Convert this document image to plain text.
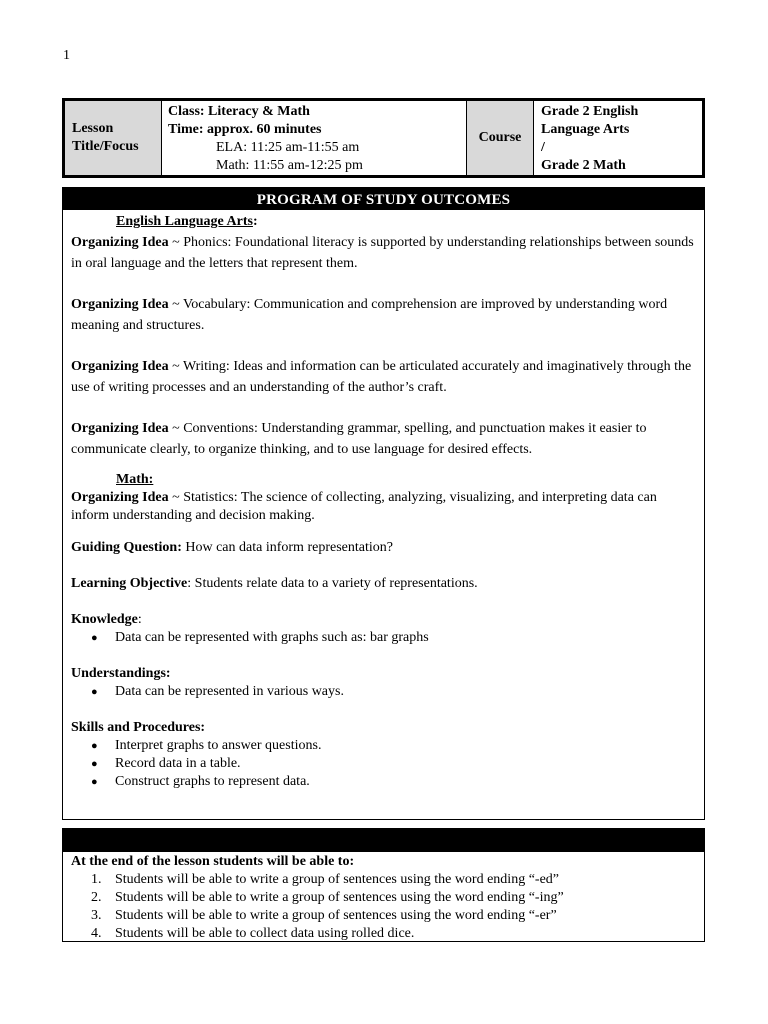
1
Lesson Title/Focus
Class: Literacy & Math
Time: approx. 60 minutes
ELA: 11:25 am-11:55 am
Math: 11:55 am-12:25 pm
Course
Grade 2 English
Language Arts
/
Grade 2 Math
PROGRAM OF STUDY OUTCOMES
English Language Arts:

Organizing Idea ~ Phonics: Foundational literacy is supported by understanding relationships between sounds in oral language and the letters that represent them.

Organizing Idea ~ Vocabulary: Communication and comprehension are improved by understanding word meaning and structures.

Organizing Idea ~ Writing: Ideas and information can be articulated accurately and imaginatively through the use of writing processes and an understanding of the author’s craft.

Organizing Idea ~ Conventions: Understanding grammar, spelling, and punctuation makes it easier to communicate clearly, to organize thinking, and to use language for desired effects.

Math:

Organizing Idea ~ Statistics: The science of collecting, analyzing, visualizing, and interpreting data can inform understanding and decision making.

Guiding Question: How can data inform representation?

Learning Objective: Students relate data to a variety of representations.

Knowledge:

● Data can be represented with graphs such as: bar graphs

Understandings:

● Data can be represented in various ways.

Skills and Procedures:

● Interpret graphs to answer questions.
● Record data in a table.
● Construct graphs to represent data.
At the end of the lesson students will be able to:
1. Students will be able to write a group of sentences using the word ending “-ed”
2. Students will be able to write a group of sentences using the word ending “-ing”
3. Students will be able to write a group of sentences using the word ending “-er”
4. Students will be able to collect data using rolled dice.
